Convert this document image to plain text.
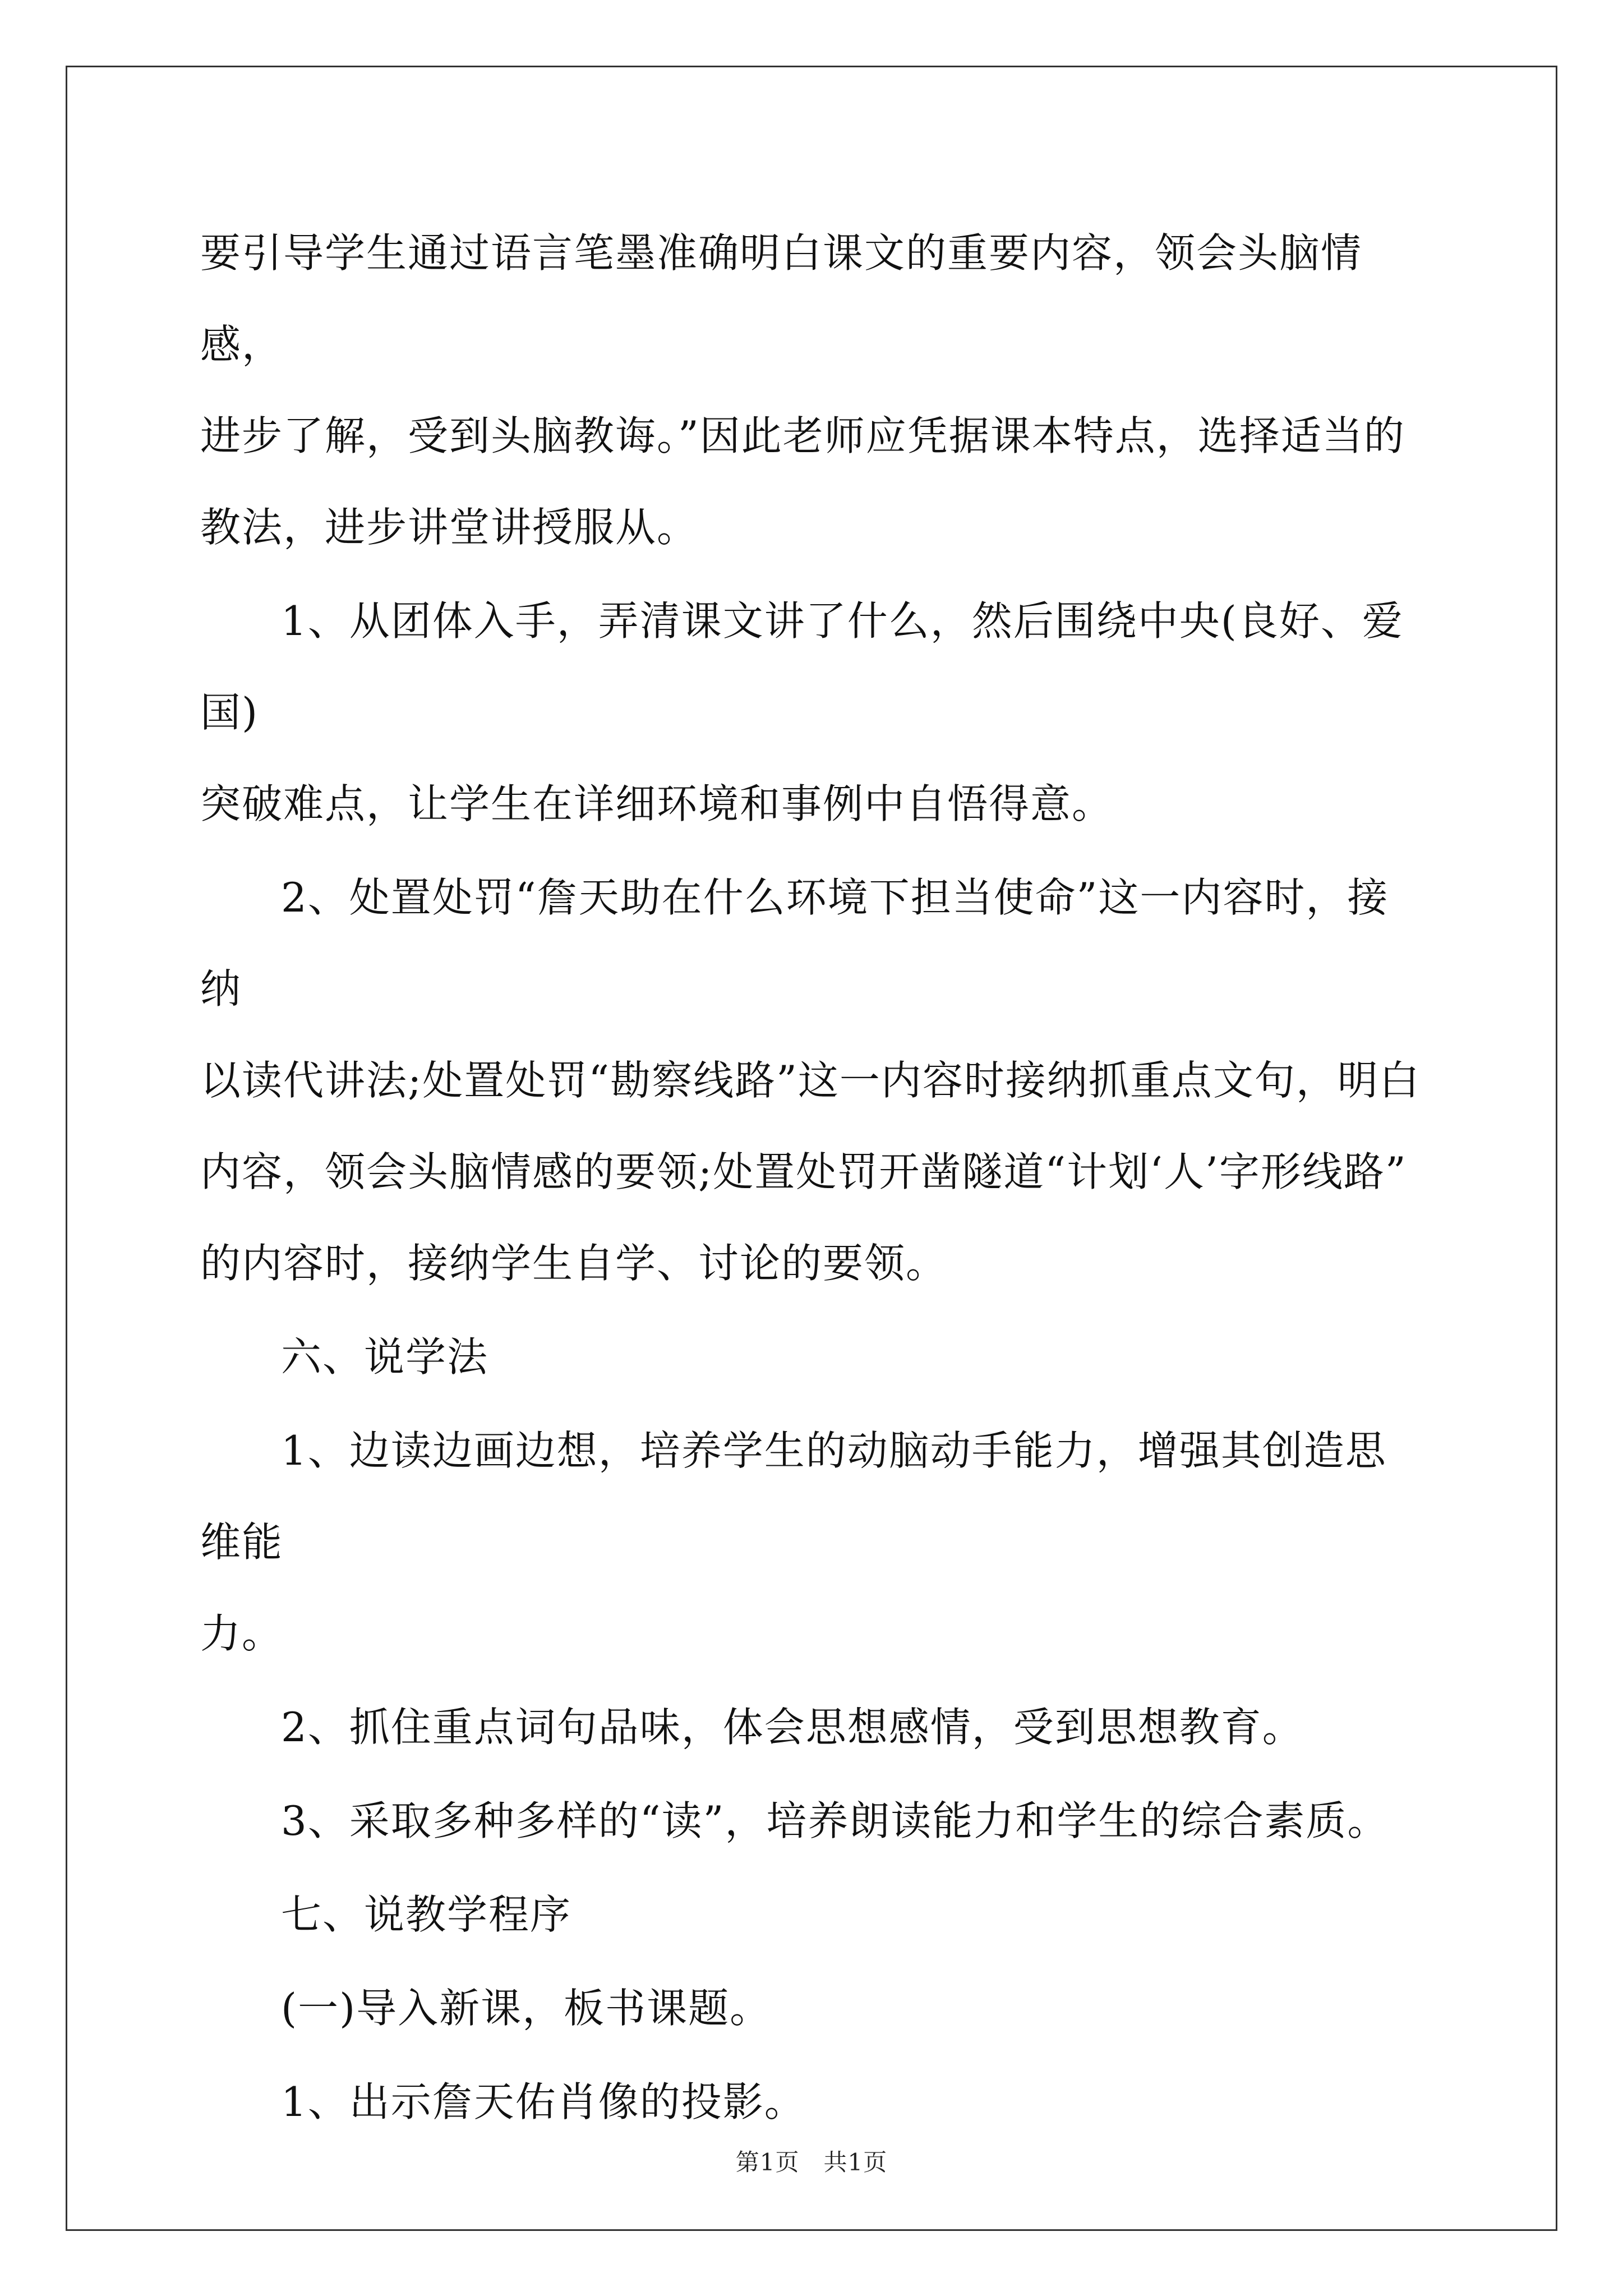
要引导学生通过语言笔墨准确明白课文的重要内容，领会头脑情感，

进步了解，受到头脑教诲。”因此老师应凭据课本特点，选择适当的

教法，进步讲堂讲授服从。

1、从团体入手，弄清课文讲了什么，然后围绕中央(良好、爱国)

突破难点，让学生在详细环境和事例中自悟得意。

2、处置处罚“詹天助在什么环境下担当使命”这一内容时，接纳

以读代讲法;处置处罚“勘察线路”这一内容时接纳抓重点文句，明白

内容，领会头脑情感的要领;处置处罚开凿隧道“计划‘人’字形线路”

的内容时，接纳学生自学、讨论的要领。

六、说学法

1、边读边画边想，培养学生的动脑动手能力，增强其创造思维能

力。

2、抓住重点词句品味，体会思想感情，受到思想教育。

3、采取多种多样的“读”，培养朗读能力和学生的综合素质。

七、说教学程序

(一)导入新课，板书课题。

1、出示詹天佑肖像的投影。

第1页　共1页
